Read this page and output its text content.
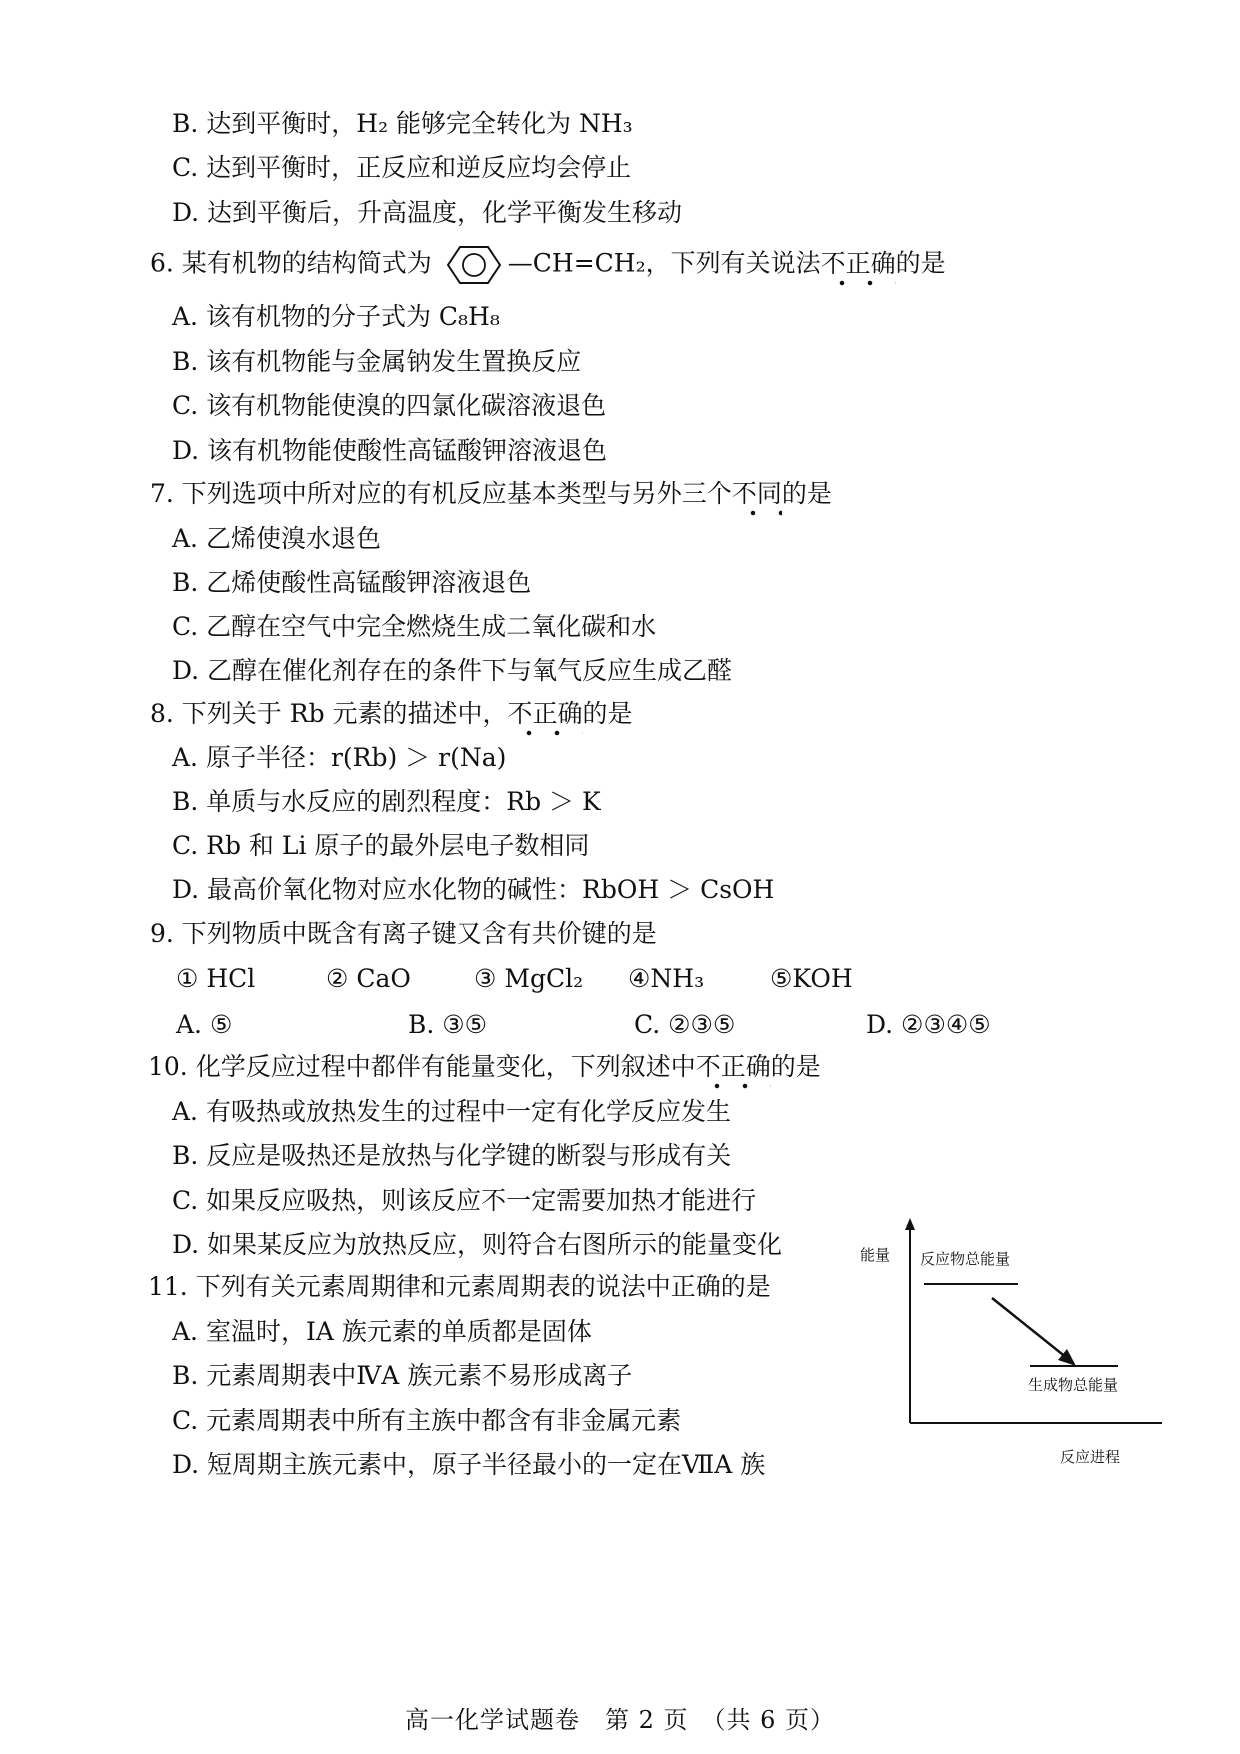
B. 达到平衡时，H₂ 能够完全转化为 NH₃
C. 达到平衡时，正反应和逆反应均会停止
D. 达到平衡后，升高温度，化学平衡发生移动
6. 某有机物的结构简式为	—CH=CH₂，下列有关说法不正确
的是
A. 该有机物的分子式为 C₈H₈
B. 该有机物能与金属钠发生置换反应
C. 该有机物能使溴的四氯化碳溶液退色
D. 该有机物能使酸性高锰酸钾溶液退色
7. 下列选项中所对应的有机反应基本类型与另外三个不同
的是
A. 乙烯使溴水退色
B. 乙烯使酸性高锰酸钾溶液退色
C. 乙醇在空气中完全燃烧生成二氧化碳和水
D. 乙醇在催化剂存在的条件下与氧气反应生成乙醛
8. 下列关于 Rb 元素的描述中，不正确
的是
A. 原子半径：r(Rb) ＞ r(Na)
B. 单质与水反应的剧烈程度：Rb ＞ K
C. Rb 和 Li 原子的最外层电子数相同
D. 最高价氧化物对应水化物的碱性：RbOH ＞ CsOH
9. 下列物质中既含有离子键又含有共价键的是
① HCl	② CaO	③ MgCl₂ ④NH₃	⑤KOH
A. ⑤	B. ③⑤	C. ②③⑤	D. ②③④⑤
10. 化学反应过程中都伴有能量变化，下列叙述中不正确
的是
A. 有吸热或放热发生的过程中一定有化学反应发生
B. 反应是吸热还是放热与化学键的断裂与形成有关
C. 如果反应吸热，则该反应不一定需要加热才能进行
D. 如果某反应为放热反应，则符合右图所示的能量变化	能量
反应进程
反应物总能量
生成物总能量
11. 下列有关元素周期律和元素周期表的说法中正确的是
A. 室温时，IA 族元素的单质都是固体
B. 元素周期表中ⅣA 族元素不易形成离子
C. 元素周期表中所有主族中都含有非金属元素
D. 短周期主族元素中，原子半径最小的一定在ⅦA 族
高一化学试题卷　第 2 页　（共 6 页）
